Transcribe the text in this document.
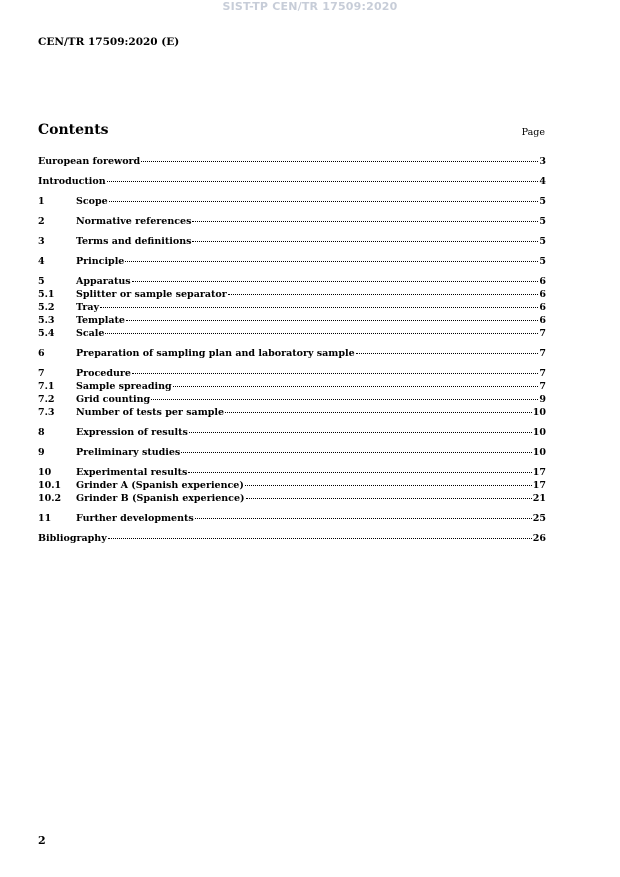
SIST-TP CEN/TR 17509:2020
CEN/TR 17509:2020 (E)
Contents	Page
European foreword	3
Introduction	4
1	Scope	5
2	Normative references	5
3	Terms and definitions	5
4	Principle	5
5	Apparatus	6
5.1	Splitter or sample separator	6
5.2	Tray	6
5.3	Template	6
5.4	Scale	7
6	Preparation of sampling plan and laboratory sample	7
7	Procedure	7
7.1	Sample spreading	7
7.2	Grid counting	9
7.3	Number of tests per sample	10
8	Expression of results	10
9	Preliminary studies	10
10	Experimental results	17
10.1	Grinder A (Spanish experience)	17
10.2	Grinder B (Spanish experience)	21
11	Further developments	25
Bibliography	26
2
